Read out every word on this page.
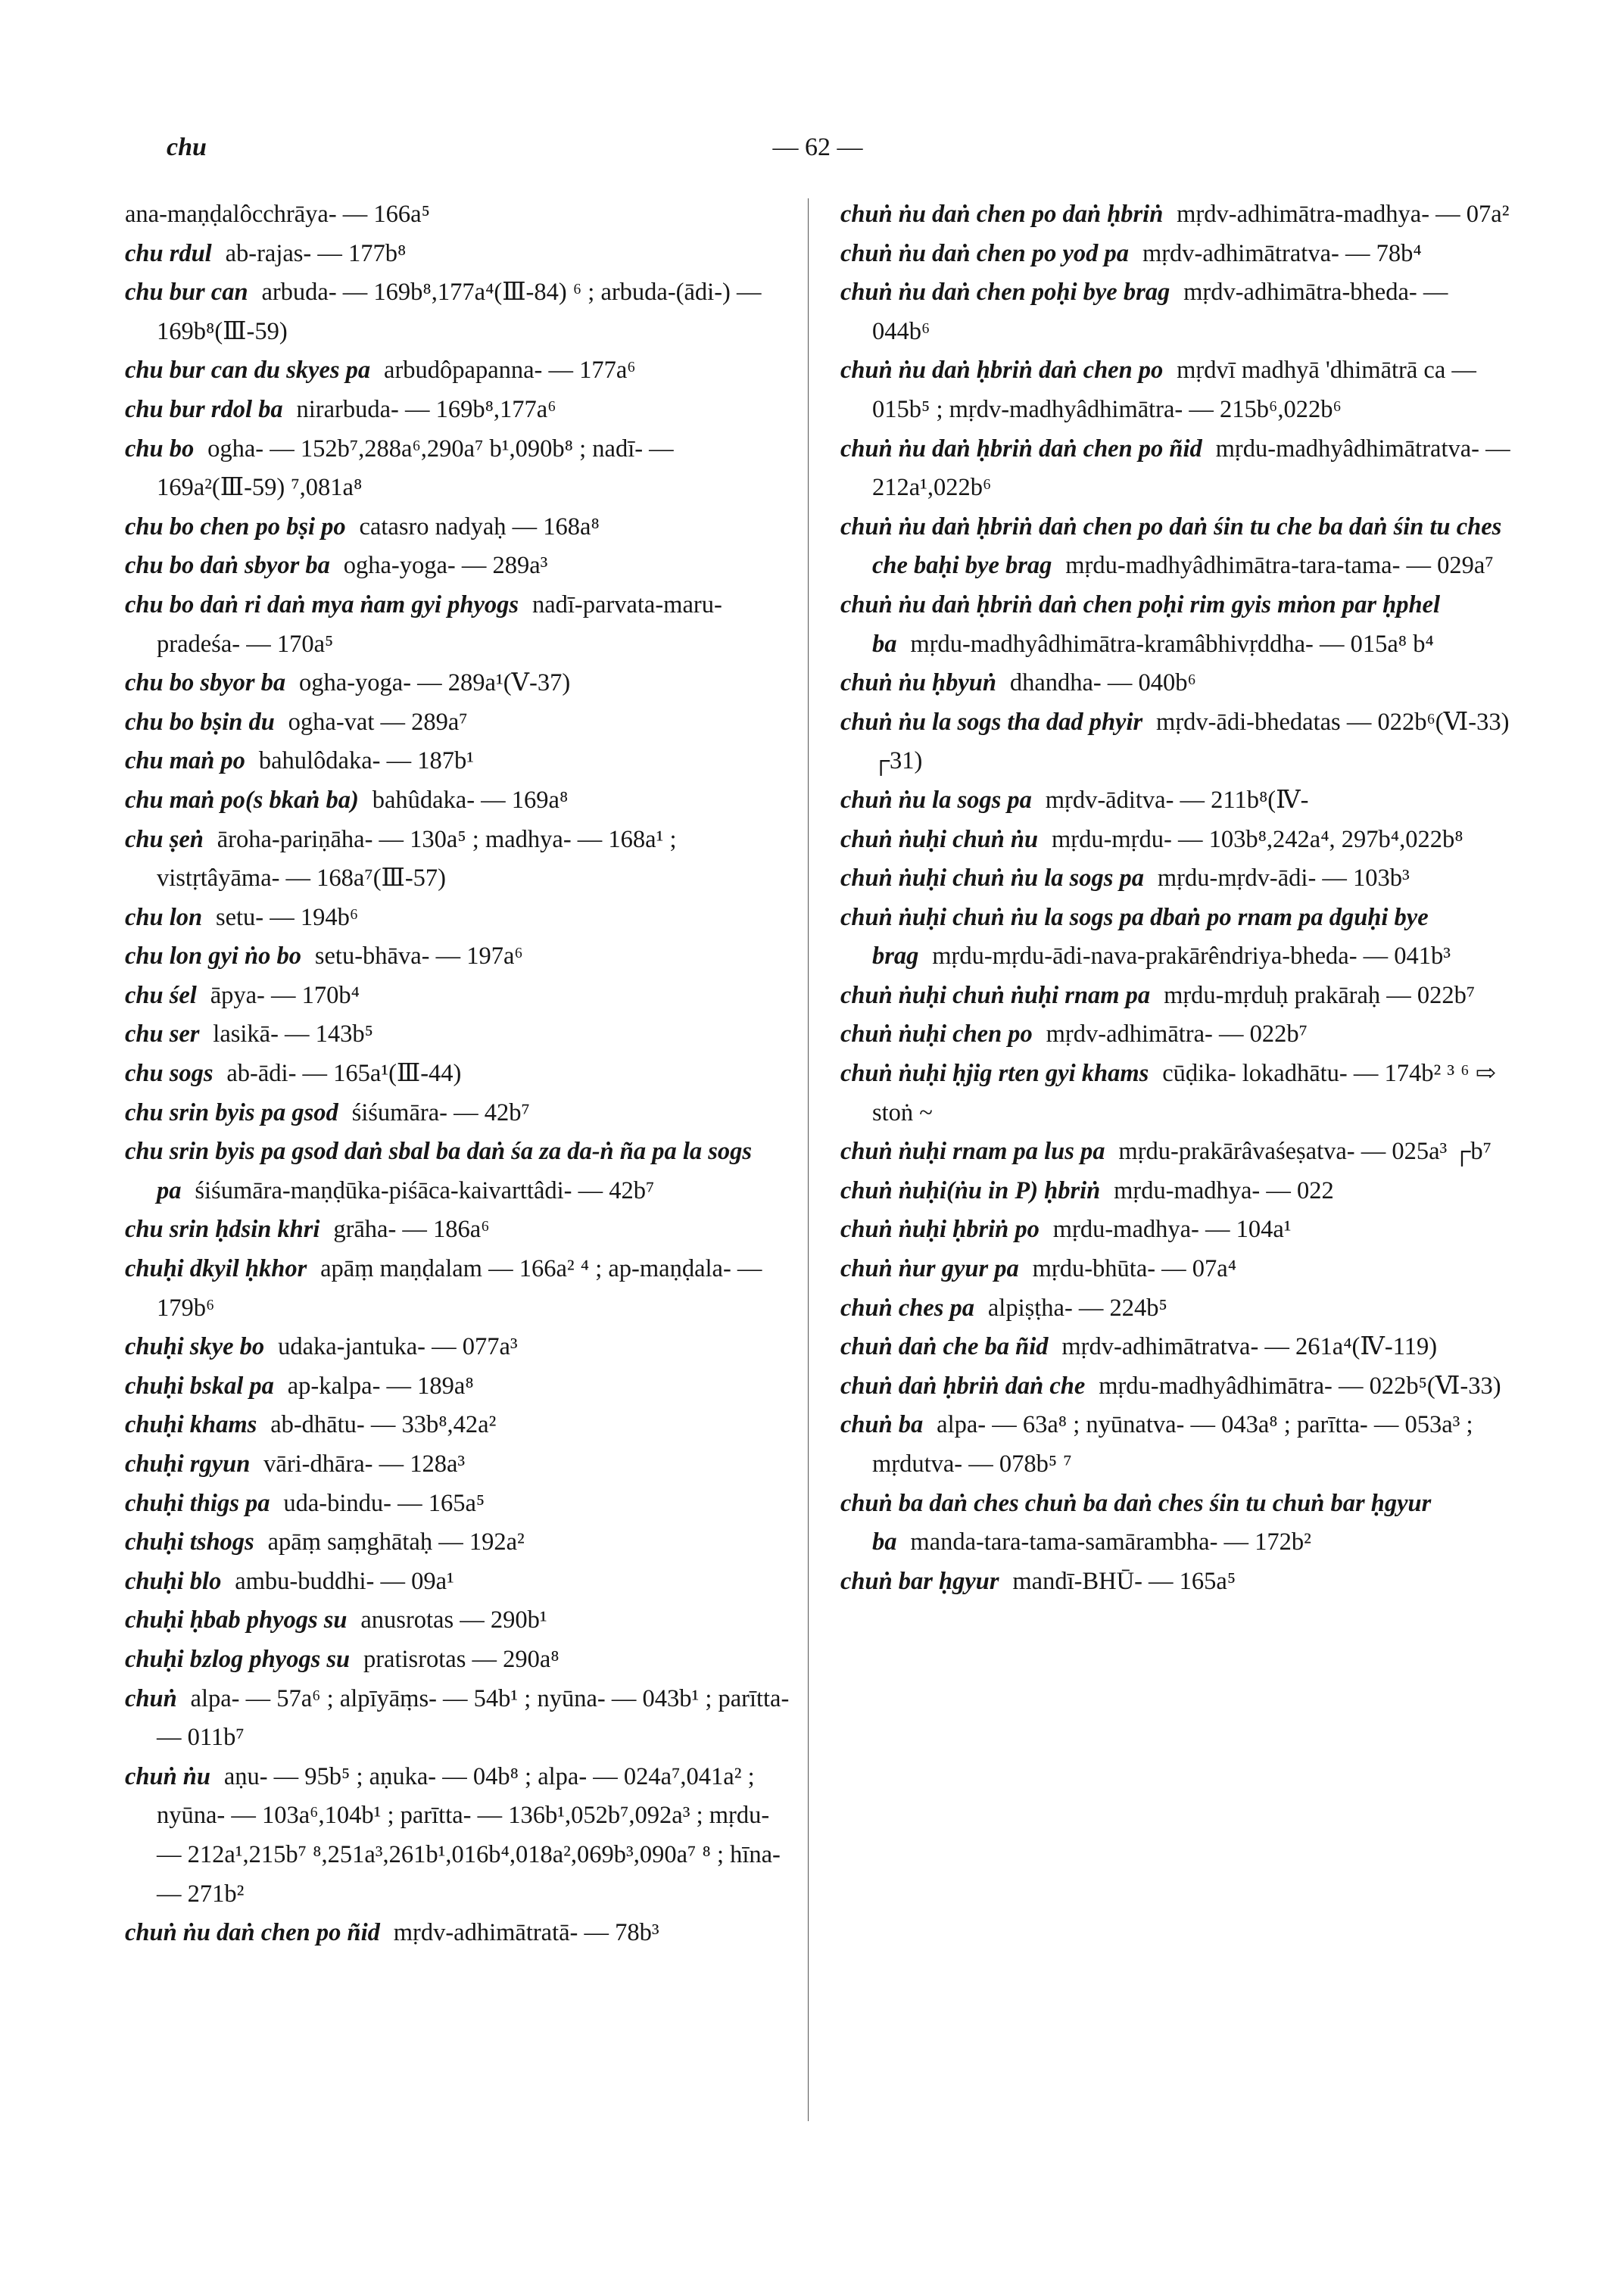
chu	— 62 —

ana-maṇḍalôcchrāya- — 166a⁵

chu rdul ab-rajas- — 177b⁸

chu bur can arbuda- — 169b⁸,177a⁴(Ⅲ-84) ⁶ ; arbuda-(ādi-) — 169b⁸(Ⅲ-59)

chu bur can du skyes pa arbudôpapanna- — 177a⁶

chu bur rdol ba nirarbuda- — 169b⁸,177a⁶

chu bo ogha- — 152b⁷,288a⁶,290a⁷ b¹,090b⁸ ; nadī- — 169a²(Ⅲ-59) ⁷,081a⁸

chu bo chen po bṣi po catasro nadyaḥ — 168a⁸

chu bo daṅ sbyor ba ogha-yoga- — 289a³

chu bo daṅ ri daṅ mya ṅam gyi phyogs nadī-parvata-maru-pradeśa- — 170a⁵

chu bo sbyor ba ogha-yoga- — 289a¹(Ⅴ-37)

chu bo bṣin du ogha-vat — 289a⁷

chu maṅ po bahulôdaka- — 187b¹

chu maṅ po(s bkaṅ ba) bahûdaka- — 169a⁸

chu ṣeṅ āroha-pariṇāha- — 130a⁵ ; madhya- — 168a¹ ; vistṛtâyāma- — 168a⁷(Ⅲ-57)

chu lon setu- — 194b⁶

chu lon gyi ṅo bo setu-bhāva- — 197a⁶

chu śel āpya- — 170b⁴

chu ser lasikā- — 143b⁵

chu sogs ab-ādi- — 165a¹(Ⅲ-44)

chu srin byis pa gsod śiśumāra- — 42b⁷

chu srin byis pa gsod daṅ sbal ba daṅ śa za da-ṅ ña pa la sogs pa śiśumāra-maṇḍūka-piśāca-kaivarttâdi- — 42b⁷

chu srin ḥdsin khri grāha- — 186a⁶

chuḥi dkyil ḥkhor apāṃ maṇḍalam — 166a² ⁴ ; ap-maṇḍala- — 179b⁶

chuḥi skye bo udaka-jantuka- — 077a³

chuḥi bskal pa ap-kalpa- — 189a⁸

chuḥi khams ab-dhātu- — 33b⁸,42a²

chuḥi rgyun vāri-dhāra- — 128a³

chuḥi thigs pa uda-bindu- — 165a⁵

chuḥi tshogs apāṃ saṃghātaḥ — 192a²

chuḥi blo ambu-buddhi- — 09a¹

chuḥi ḥbab phyogs su anusrotas — 290b¹

chuḥi bzlog phyogs su pratisrotas — 290a⁸

chuṅ alpa- — 57a⁶ ; alpīyāṃs- — 54b¹ ; nyūna- — 043b¹ ; parītta- — 011b⁷

chuṅ ṅu aṇu- — 95b⁵ ; aṇuka- — 04b⁸ ; alpa- — 024a⁷,041a² ; nyūna- — 103a⁶,104b¹ ; parītta- — 136b¹,052b⁷,092a³ ; mṛdu- — 212a¹,215b⁷ ⁸,251a³,261b¹,016b⁴,018a²,069b³,090a⁷ ⁸ ; hīna- — 271b²

chuṅ ṅu daṅ chen po ñid mṛdv-adhimātratā- — 78b³

chuṅ ṅu daṅ chen po daṅ ḥbriṅ mṛdv-adhimātra-madhya- — 07a²

chuṅ ṅu daṅ chen po yod pa mṛdv-adhimātratva- — 78b⁴

chuṅ ṅu daṅ chen poḥi bye brag mṛdv-adhimātra-bheda- — 044b⁶

chuṅ ṅu daṅ ḥbriṅ daṅ chen po mṛdvī madhyā 'dhimātrā ca — 015b⁵ ; mṛdv-madhyâdhimātra- — 215b⁶,022b⁶

chuṅ ṅu daṅ ḥbriṅ daṅ chen po ñid mṛdu-madhyâdhimātratva- — 212a¹,022b⁶

chuṅ ṅu daṅ ḥbriṅ daṅ chen po daṅ śin tu che ba daṅ śin tu ches che baḥi bye brag mṛdu-madhyâdhimātra-tara-tama- — 029a⁷

chuṅ ṅu daṅ ḥbriṅ daṅ chen poḥi rim gyis mṅon par ḥphel ba mṛdu-madhyâdhimātra-kramâbhivṛddha- — 015a⁸ b⁴

chuṅ ṅu ḥbyuṅ dhandha- — 040b⁶

chuṅ ṅu la sogs tha dad phyir mṛdv-ādi-bhedatas — 022b⁶(Ⅵ-33) ┌31)

chuṅ ṅu la sogs pa mṛdv-āditva- — 211b⁸(Ⅳ-

chuṅ ṅuḥi chuṅ ṅu mṛdu-mṛdu- — 103b⁸,242a⁴, 297b⁴,022b⁸

chuṅ ṅuḥi chuṅ ṅu la sogs pa mṛdu-mṛdv-ādi- — 103b³

chuṅ ṅuḥi chuṅ ṅu la sogs pa dbaṅ po rnam pa dguḥi bye brag mṛdu-mṛdu-ādi-nava-prakārêndriya-bheda- — 041b³

chuṅ ṅuḥi chuṅ ṅuḥi rnam pa mṛdu-mṛduḥ prakāraḥ — 022b⁷

chuṅ ṅuḥi chen po mṛdv-adhimātra- — 022b⁷

chuṅ ṅuḥi ḥjig rten gyi khams cūḍika- lokadhātu- — 174b² ³ ⁶ ⇨ stoṅ ~

chuṅ ṅuḥi rnam pa lus pa mṛdu-prakārâvaśeṣatva- — 025a³ ┌b⁷

chuṅ ṅuḥi(ṅu in P) ḥbriṅ mṛdu-madhya- — 022

chuṅ ṅuḥi ḥbriṅ po mṛdu-madhya- — 104a¹

chuṅ ṅur gyur pa mṛdu-bhūta- — 07a⁴

chuṅ ches pa alpiṣṭha- — 224b⁵

chuṅ daṅ che ba ñid mṛdv-adhimātratva- — 261a⁴(Ⅳ-119)

chuṅ daṅ ḥbriṅ daṅ che mṛdu-madhyâdhimātra- — 022b⁵(Ⅵ-33)

chuṅ ba alpa- — 63a⁸ ; nyūnatva- — 043a⁸ ; parītta- — 053a³ ; mṛdutva- — 078b⁵ ⁷

chuṅ ba daṅ ches chuṅ ba daṅ ches śin tu chuṅ bar ḥgyur ba manda-tara-tama-samārambha- — 172b²

chuṅ bar ḥgyur mandī-BHŪ- — 165a⁵
